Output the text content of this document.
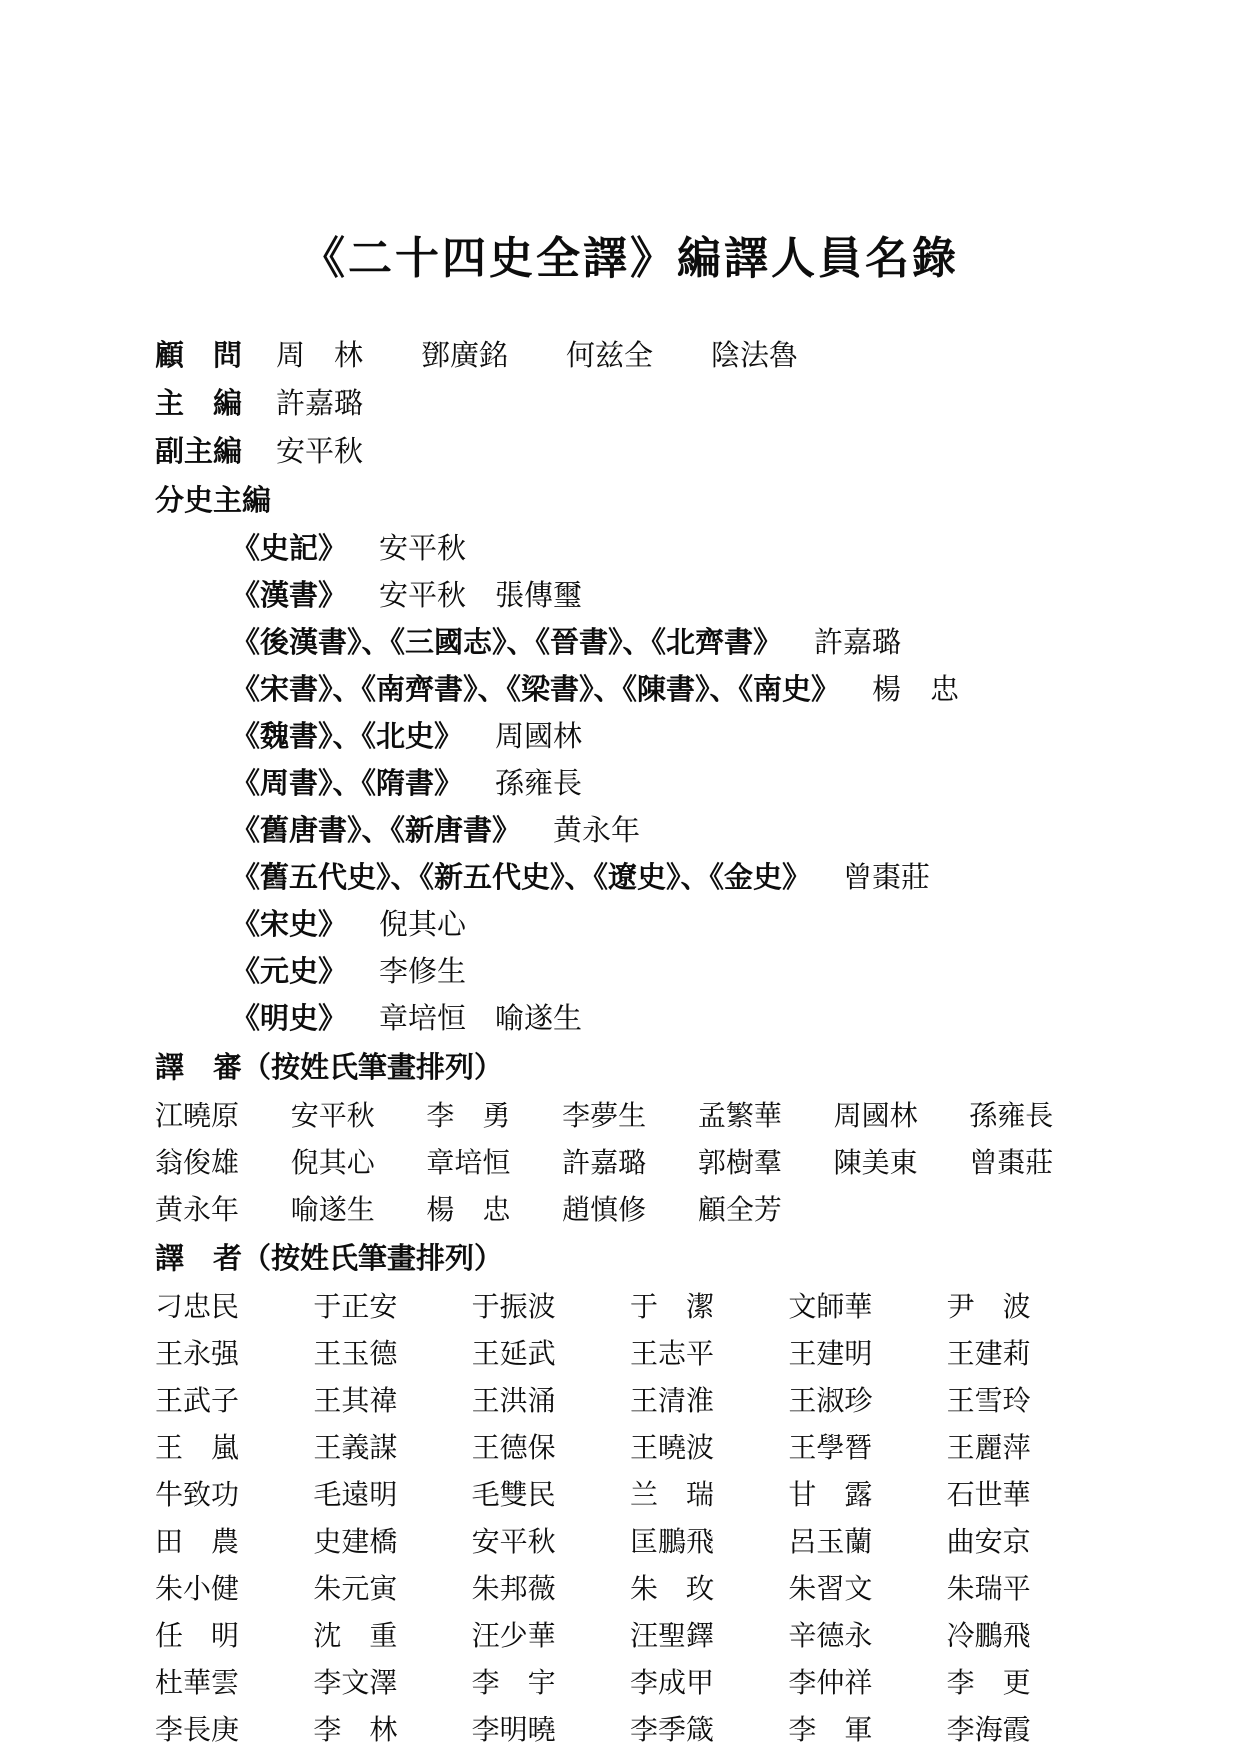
《二十四史全譯》編譯人員名錄
顧　問 周　林　　鄧廣銘　　何兹全　　陰法魯
主　編 許嘉璐
副主編 安平秋
分史主編
《史記》 安平秋
《漢書》 安平秋　張傳璽
《後漢書》、《三國志》、《晉書》、《北齊書》 許嘉璐
《宋書》、《南齊書》、《梁書》、《陳書》、《南史》 楊　忠
《魏書》、《北史》 周國林
《周書》、《隋書》 孫雍長
《舊唐書》、《新唐書》 黄永年
《舊五代史》、《新五代史》、《遼史》、《金史》 曾棗莊
《宋史》 倪其心
《元史》 李修生
《明史》 章培恒　喻遂生
譯　審（按姓氏筆畫排列）
江曉原	安平秋	李　勇	李夢生	孟繁華	周國林	孫雍長
翁俊雄	倪其心	章培恒	許嘉璐	郭樹羣	陳美東	曾棗莊
黄永年	喻遂生	楊　忠	趙慎修	顧全芳
譯　者（按姓氏筆畫排列）
刁忠民	于正安	于振波	于　潔	文師華	尹　波
王永强	王玉德	王延武	王志平	王建明	王建莉
王武子	王其禕	王洪涌	王清淮	王淑珍	王雪玲
王　嵐	王義謀	王德保	王曉波	王學朁	王麗萍
牛致功	毛遠明	毛雙民	兰　瑞	甘　露	石世華
田　農	史建橋	安平秋	匡鵬飛	呂玉蘭	曲安京
朱小健	朱元寅	朱邦薇	朱　玫	朱習文	朱瑞平
任　明	沈　重	汪少華	汪聖鐸	辛德永	冷鵬飛
杜華雲	李文澤	李　宇	李成甲	李仲祥	李　更
李長庚	李　林	李明曉	李季箴	李　軍	李海霞
